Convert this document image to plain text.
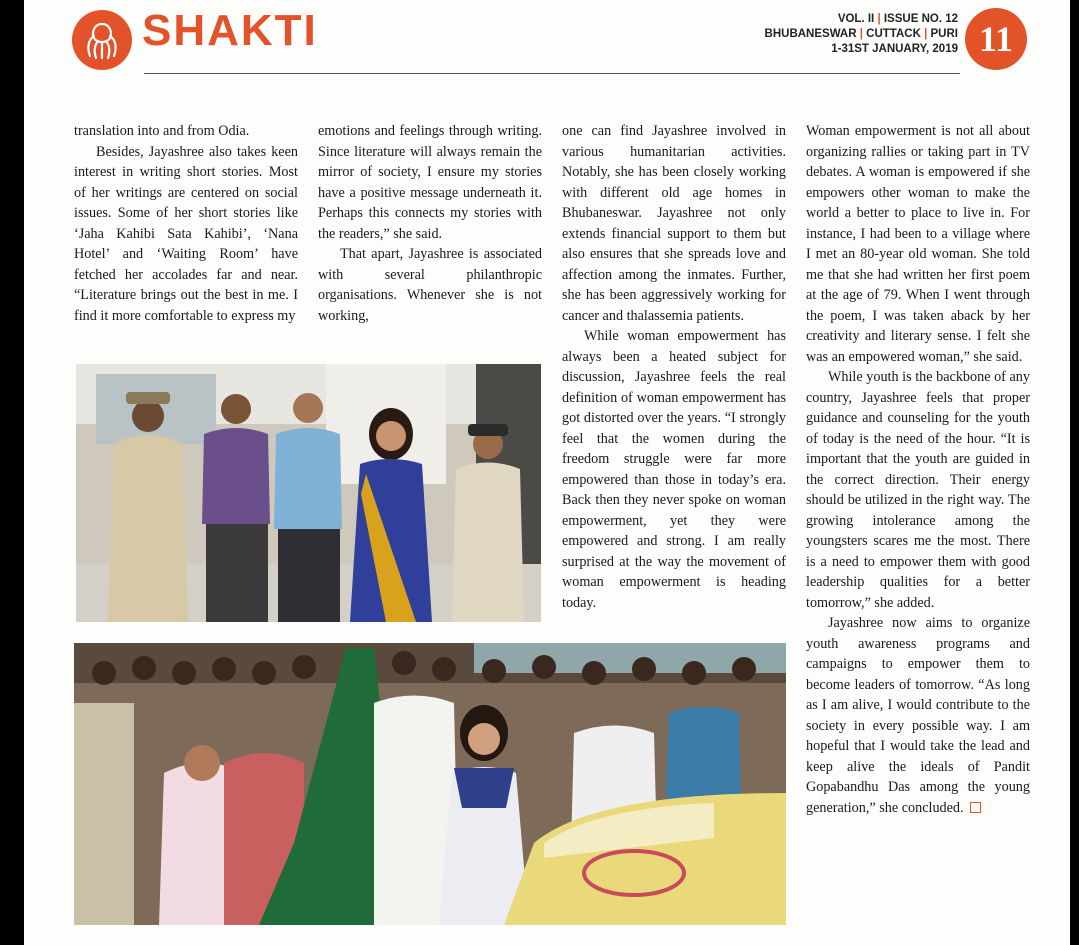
SHAKTI	VOL. II | ISSUE NO. 12
BHUBANESWAR | CUTTACK | PURI
1-31ST JANUARY, 2019 11

translation into and from Odia.

Besides, Jayashree also takes keen interest in writing short stories. Most of her writings are centered on social issues. Some of her short stories like ‘Jaha Kahibi Sata Kahibi’, ‘Nana Hotel’ and ‘Waiting Room’ have fetched her accolades far and near. “Literature brings out the best in me. I find it more comfortable to express my

emotions and feelings through writing. Since literature will always remain the mirror of society, I ensure my stories have a positive message underneath it. Perhaps this connects my stories with the readers,” she said.

That apart, Jayashree is associated with several philanthropic organisations. Whenever she is not working,

one can find Jayashree involved in various humanitarian activities. Notably, she has been closely working with different old age homes in Bhubaneswar. Jayashree not only extends financial support to them but also ensures that she spreads love and affection among the inmates. Further, she has been aggressively working for cancer and thalassemia patients.

While woman empowerment has always been a heated subject for discussion, Jayashree feels the real definition of woman empowerment has got distorted over the years. “I strongly feel that the women during the freedom struggle were far more empowered than those in today’s era. Back then they never spoke on woman empowerment, yet they were empowered and strong. I am really surprised at the way the movement of woman empowerment is heading today.

Woman empowerment is not all about organizing rallies or taking part in TV debates. A woman is empowered if she empowers other woman to make the world a better to place to live in. For instance, I had been to a village where I met an 80-year old woman. She told me that she had written her first poem at the age of 79. When I went through the poem, I was taken aback by her creativity and literary sense. I felt she was an empowered woman,” she said.

While youth is the backbone of any country, Jayashree feels that proper guidance and counseling for the youth of today is the need of the hour. “It is important that the youth are guided in the correct direction. Their energy should be utilized in the right way. The growing intolerance among the youngsters scares me the most. There is a need to empower them with good leadership qualities for a better tomorrow,” she added.

Jayashree now aims to organize youth awareness programs and campaigns to empower them to become leaders of tomorrow. “As long as I am alive, I would contribute to the society in every possible way. I am hopeful that I would take the lead and keep alive the ideals of Pandit Gopabandhu Das among the young generation,” she concluded.
